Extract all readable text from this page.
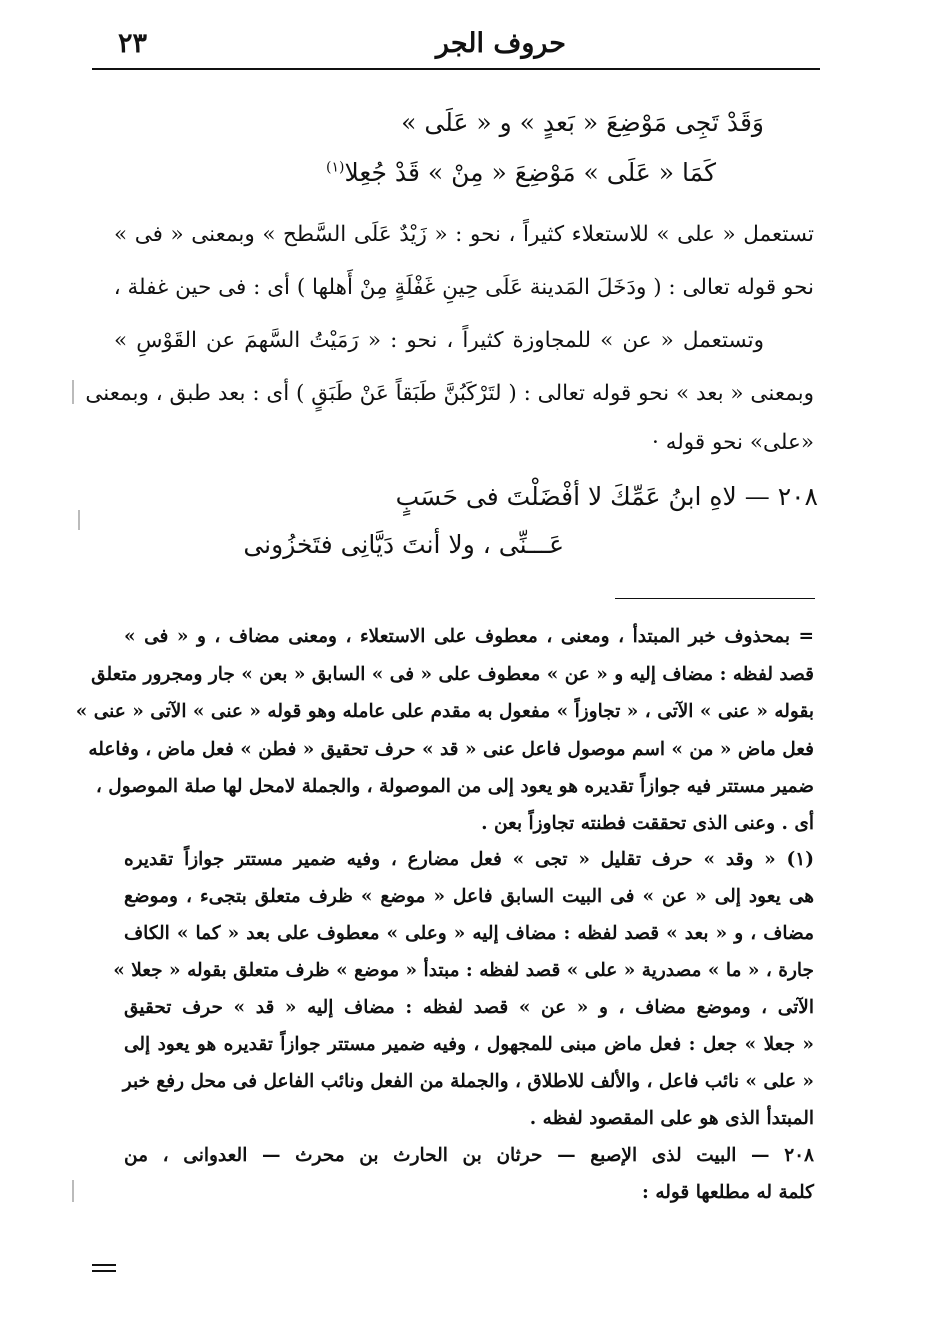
حروف الجر
٢٣
وَقَدْ تَجِى مَوْضِعَ « بَعدٍ » و « عَلَى »
كَمَا « عَلَى » مَوْضِعَ « مِنْ » قَدْ جُعِلا$^{(١)}$
تستعمل « على » للاستعلاء كثيراً ، نحو : « زَيْدٌ عَلَى السَّطح » وبمعنى « فى »
نحو قوله تعالى : ( ودَخَلَ المَدينة عَلَى حِينِ غَفْلَةٍ مِنْ أَهلها ) أى : فى حين غفلة ،
وتستعمل « عن » للمجاوزة كثيراً ، نحو : « رَمَيْتُ السَّهمَ عن القَوْسِ »
وبمعنى « بعد » نحو قوله تعالى : ( لتَرْكَبُنَّ طَبَقاً عَنْ طَبَقٍ ) أى : بعد طبق ، وبمعنى
«على» نحو قوله ·
٢٠٨ — لاهِ ابنُ عَمِّكَ لا أفْضَلْتَ فى حَسَبٍ
عَـــنِّى ، ولا أنتَ دَيَّانِى فتَخزُونى
= بمحذوف خبر المبتدأ ، ومعنى ، معطوف على الاستعلاء ، ومعنى مضاف ، و « فى »
قصد لفظه : مضاف إليه و « عن » معطوف على « فى » السابق « بعن » جار ومجرور متعلق
بقوله « عنى » الآتى ، « تجاوزاً » مفعول به مقدم على عامله وهو قوله « عنى » الآتى « عنى »
فعل ماض « من » اسم موصول فاعل عنى « قد » حرف تحقيق « فطن » فعل ماض ، وفاعله
ضمير مستتر فيه جوازاً تقديره هو يعود إلى من الموصولة ، والجملة لامحل لها صلة الموصول ،
أى . وعنى الذى تحققت فطنته تجاوزاً بعن .
(١) « وقد » حرف تقليل « تجى » فعل مضارع ، وفيه ضمير مستتر جوازاً تقديره
هى يعود إلى « عن » فى البيت السابق فاعل « موضع » ظرف متعلق بتجىء ، وموضع
مضاف ، و « بعد » قصد لفظه : مضاف إليه « وعلى » معطوف على بعد « كما » الكاف
جارة ، « ما » مصدرية « على » قصد لفظه : مبتدأ « موضع » ظرف متعلق بقوله « جعلا »
الآتى ، وموضع مضاف ، و « عن » قصد لفظه : مضاف إليه « قد » حرف تحقيق
« جعلا » جعل : فعل ماض مبنى للمجهول ، وفيه ضمير مستتر جوازاً تقديره هو يعود إلى
« على » نائب فاعل ، والألف للاطلاق ، والجملة من الفعل ونائب الفاعل فى محل رفع خبر
المبتدأ الذى هو على المقصود لفظه .
٢٠٨ — البيت لذى الإصبع — حرثان بن الحارث بن محرث — العدوانى ، من
كلمة له مطلعها قوله :
